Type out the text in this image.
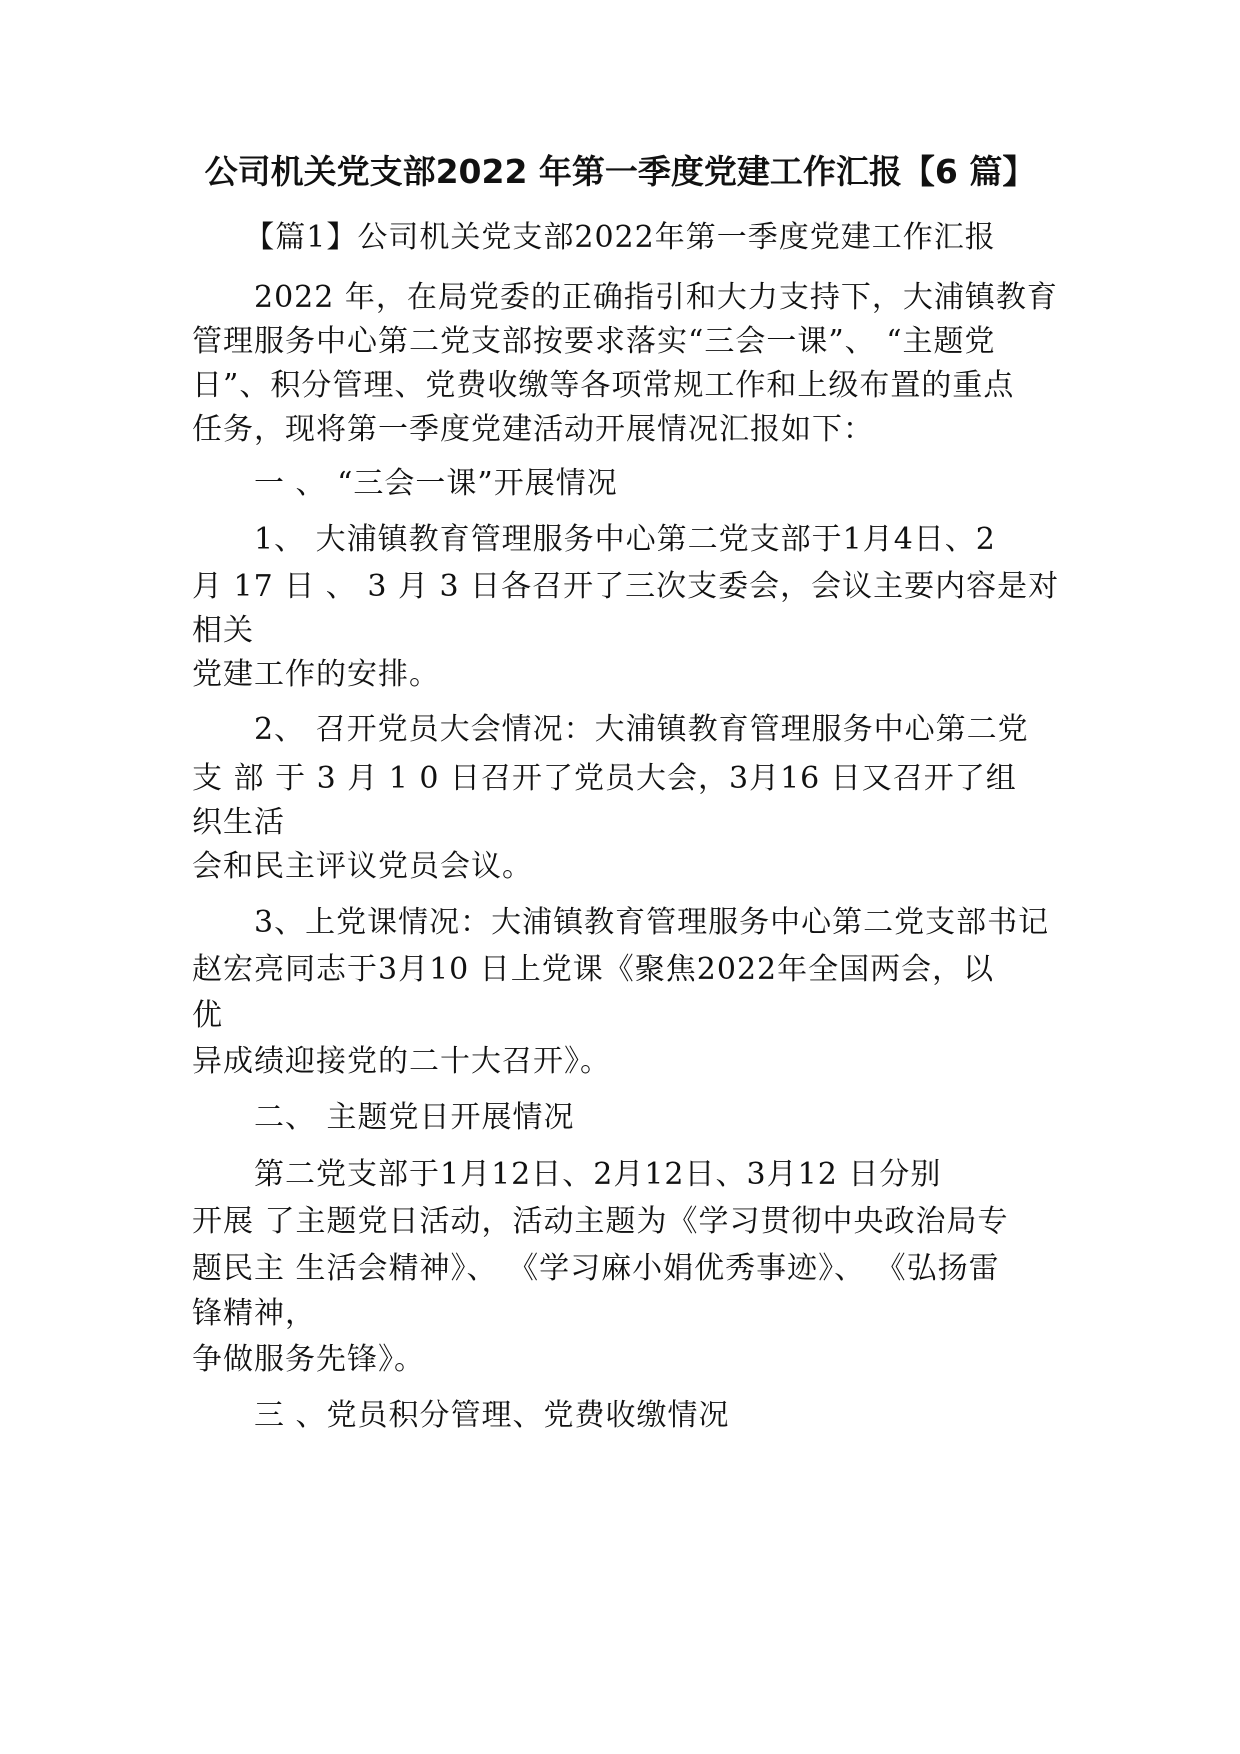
公司机关党支部2022 年第一季度党建工作汇报【6 篇】

【篇1】公司机关党支部2022年第一季度党建工作汇报

　　2022 年，在局党委的正确指引和大力支持下，大浦镇教育

管理服务中心第二党支部按要求落实“三会一课”、 “主题党

日”、积分管理、党费收缴等各项常规工作和上级布置的重点

任务，现将第一季度党建活动开展情况汇报如下：

　　一 、 “三会一课”开展情况

　　1、 大浦镇教育管理服务中心第二党支部于1月4日、2

月 17 日 、 3 月 3 日各召开了三次支委会，会议主要内容是对

相关

党建工作的安排。

　　2、 召开党员大会情况：大浦镇教育管理服务中心第二党

支 部 于 3 月 1 0 日召开了党员大会，3月16 日又召开了组

织生活

会和民主评议党员会议。

　　3、上党课情况：大浦镇教育管理服务中心第二党支部书记

赵宏亮同志于3月10 日上党课《聚焦2022年全国两会，以

优

异成绩迎接党的二十大召开》。

　　二、 主题党日开展情况

　　第二党支部于1月12日、2月12日、3月12 日分别

开展 了主题党日活动，活动主题为《学习贯彻中央政治局专

题民主 生活会精神》、 《学习麻小娟优秀事迹》、 《弘扬雷

锋精神，

争做服务先锋》。

　　三 、党员积分管理、党费收缴情况
